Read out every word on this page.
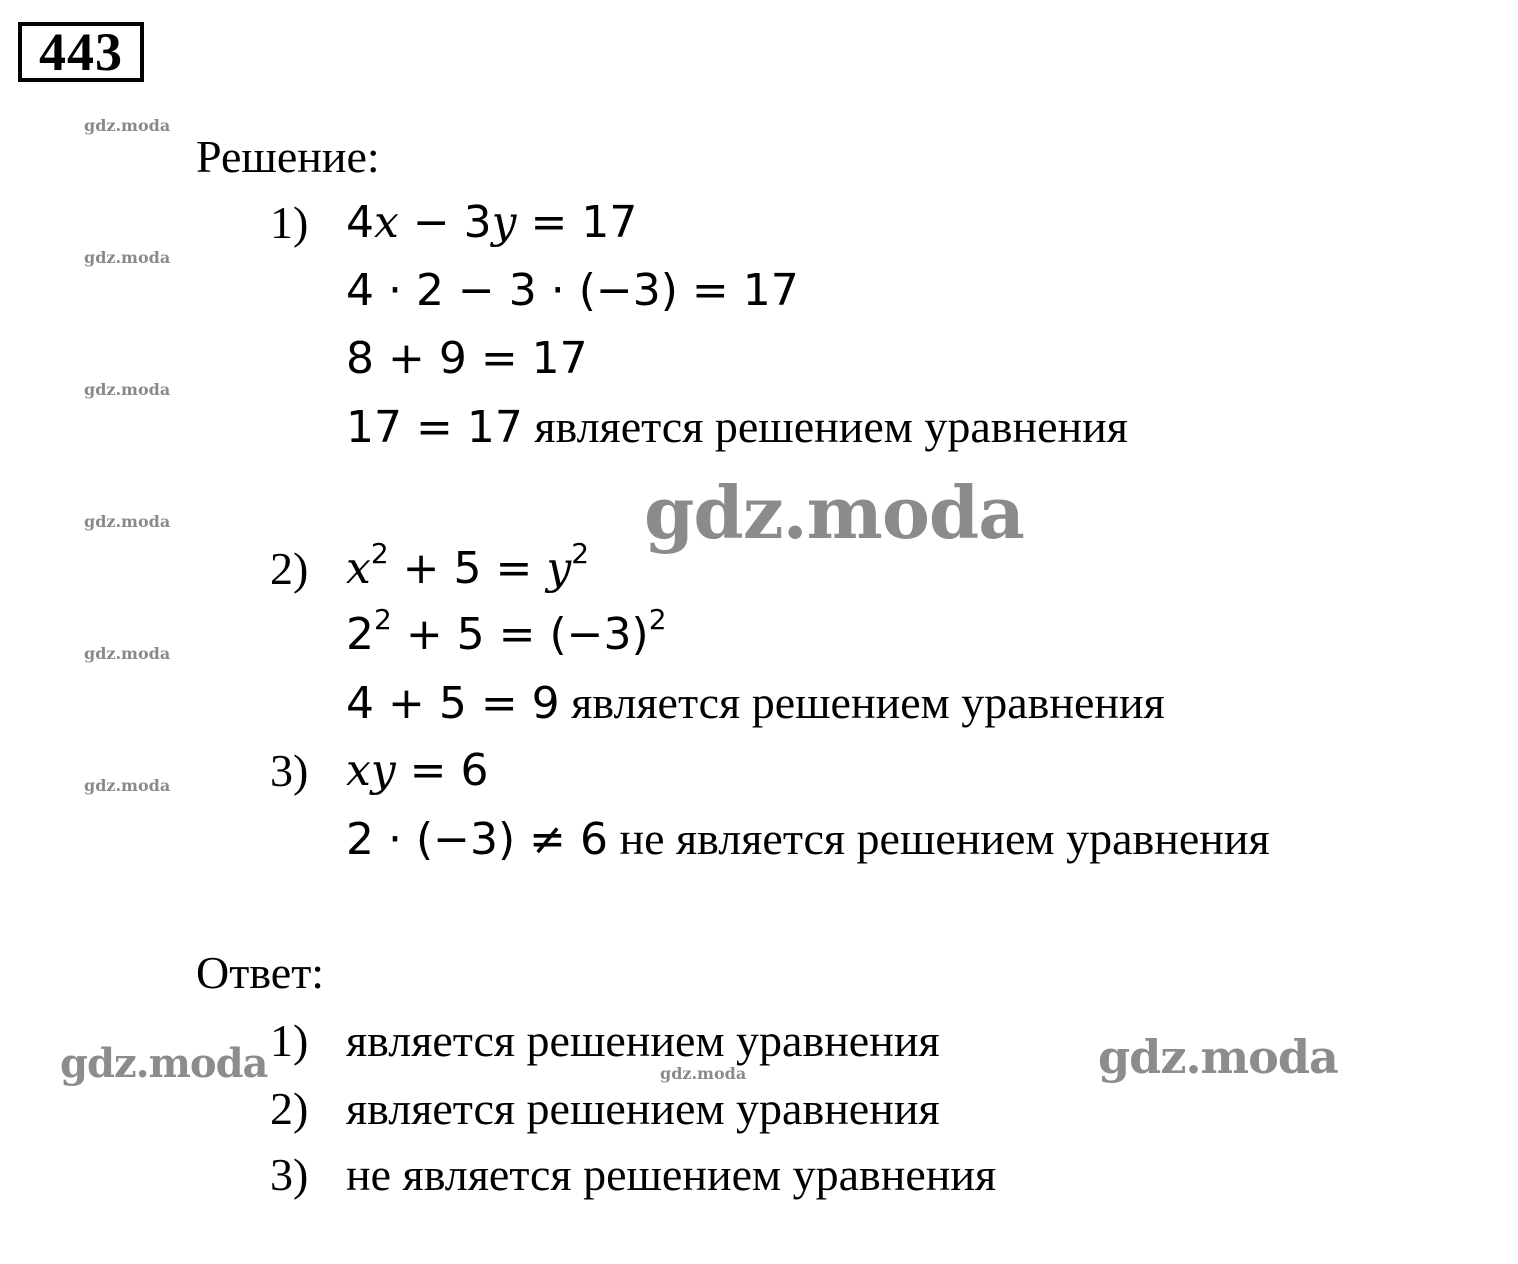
443
gdz.moda
gdz.moda
gdz.moda
gdz.moda
gdz.moda
gdz.moda
gdz.moda
Решение:
1) 4x − 3y = 17
4 · 2 − 3 · (−3) = 17
8 + 9 = 17
17 = 17 является решением уравнения
2) $x^2 + 5 = y^2$
$2^2 + 5 = (-3)^2$
4 + 5 = 9 является решением уравнения
3) xy = 6
2 · (−3) ≠ 6 не является решением уравнения
Ответ:
1) является решением уравнения
2) является решением уравнения
3) не является решением уравнения
gdz.moda
gdz.moda	gdz.moda
